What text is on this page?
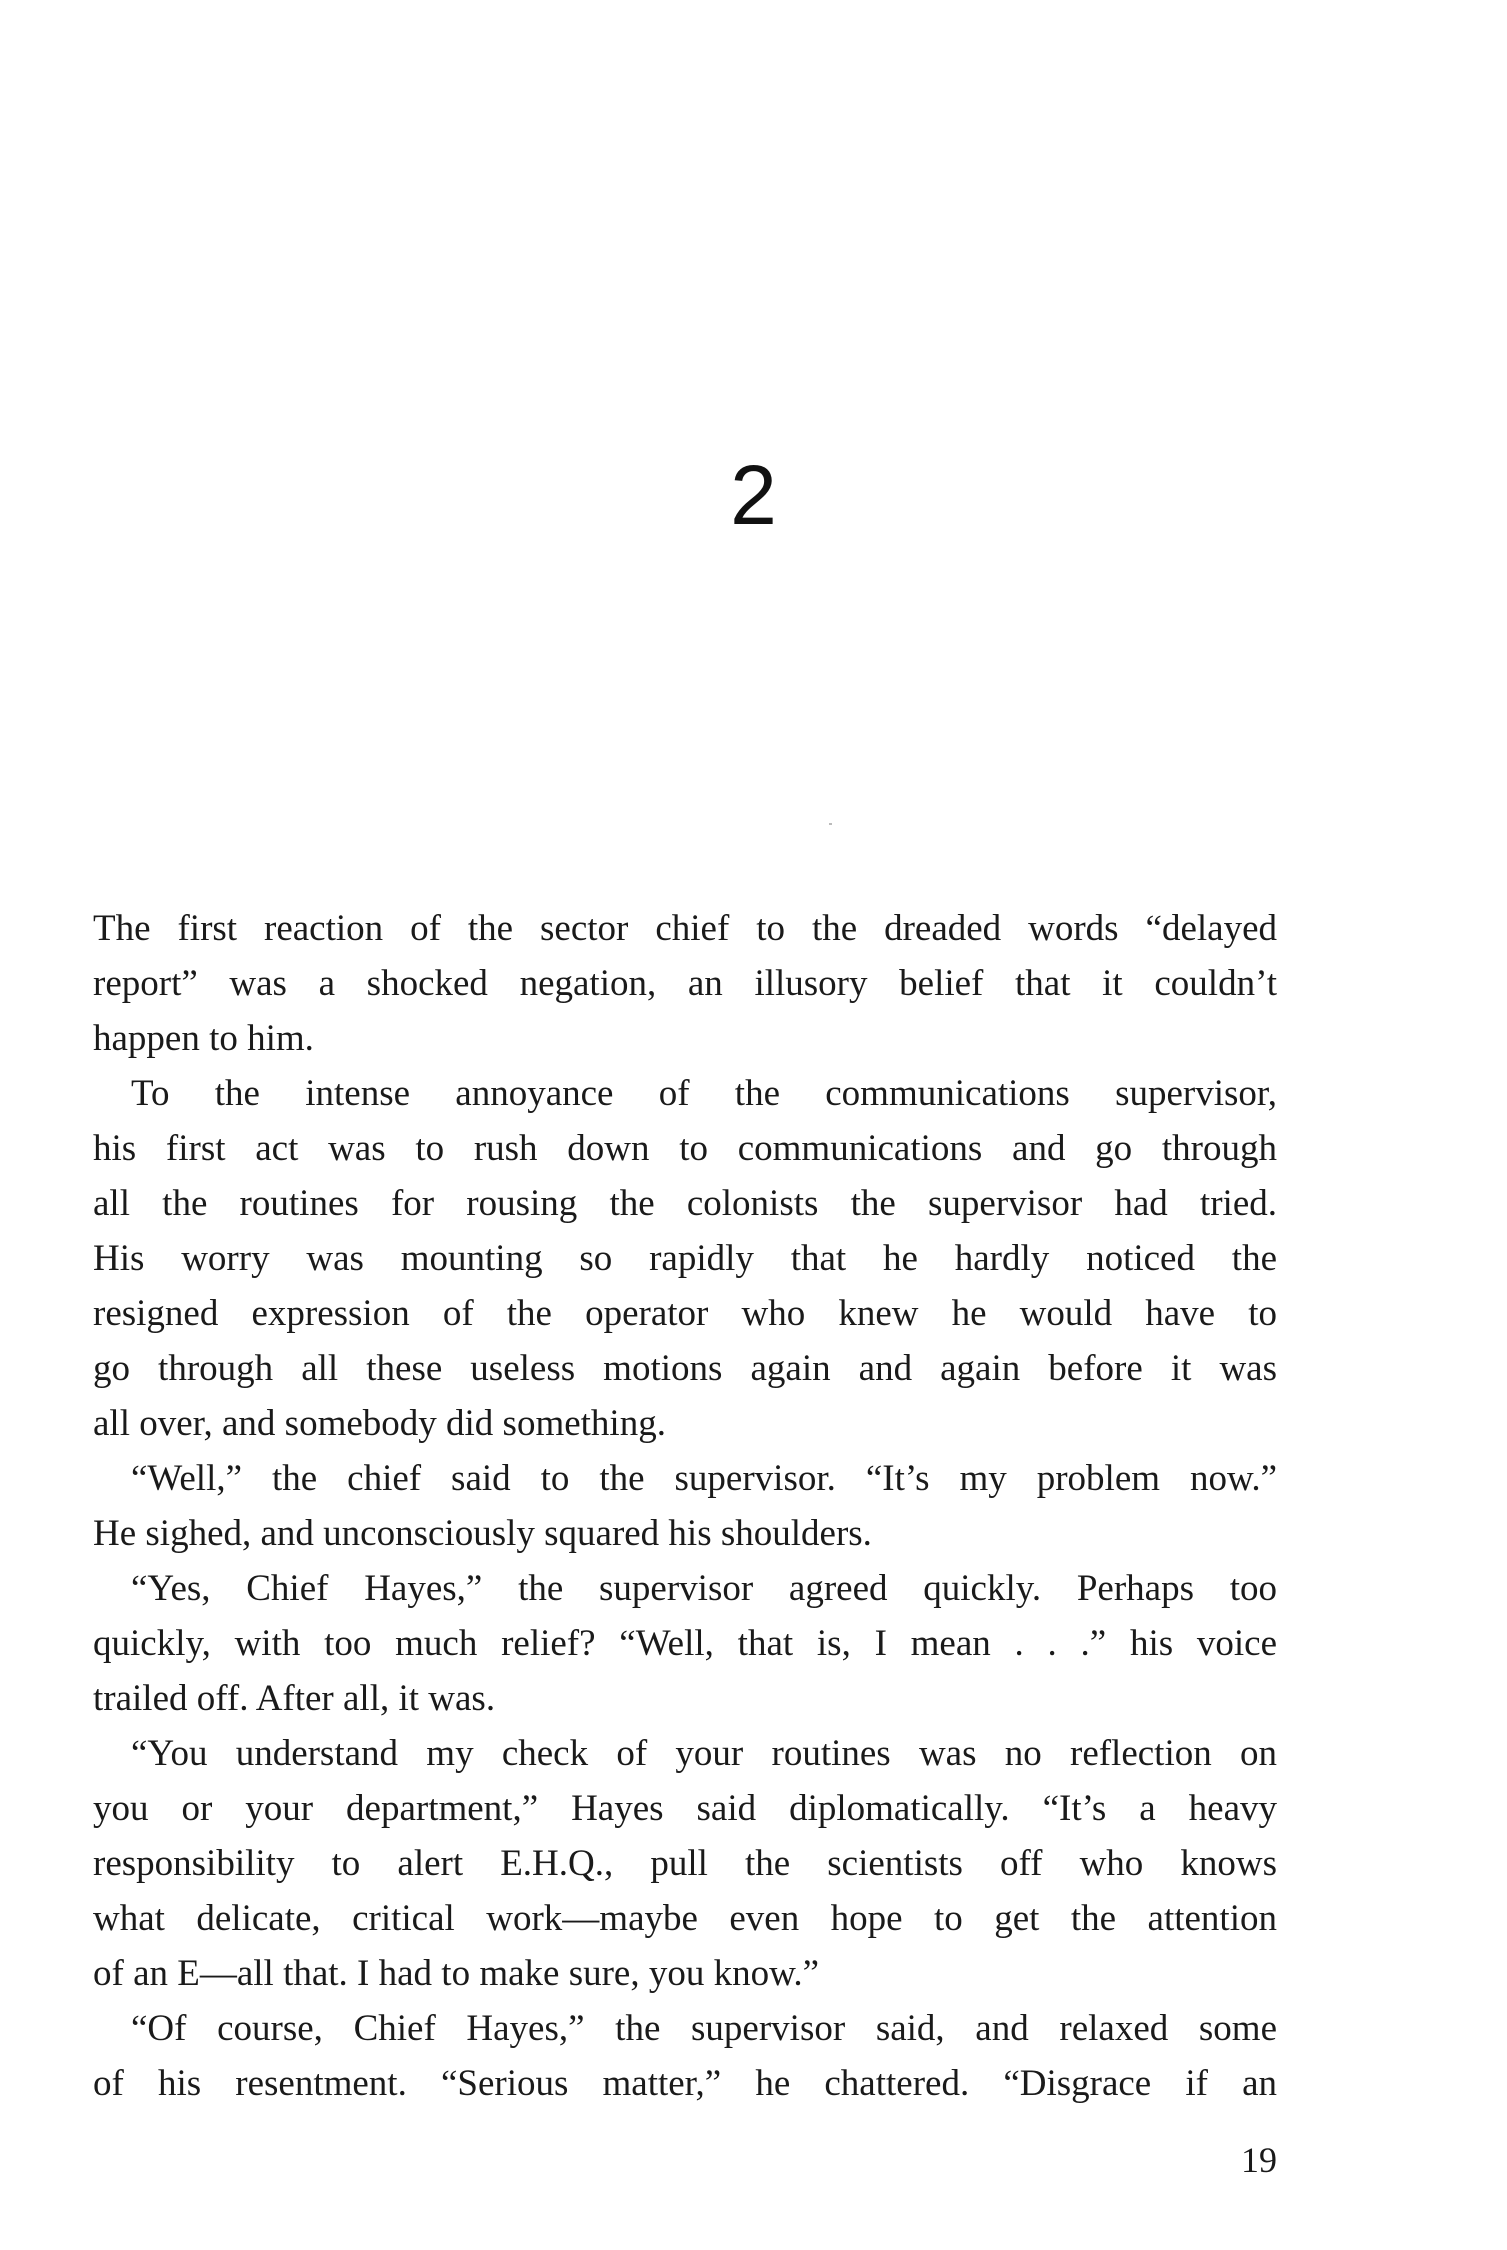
2
The first reaction of the sector chief to the dreaded words “delayed
report” was a shocked negation, an illusory belief that it couldn’t
happen to him.
To the intense annoyance of the communications supervisor,
his first act was to rush down to communications and go through
all the routines for rousing the colonists the supervisor had tried.
His worry was mounting so rapidly that he hardly noticed the
resigned expression of the operator who knew he would have to
go through all these useless motions again and again before it was
all over, and somebody did something.
“Well,” the chief said to the supervisor. “It’s my problem now.”
He sighed, and unconsciously squared his shoulders.
“Yes, Chief Hayes,” the supervisor agreed quickly. Perhaps too
quickly, with too much relief? “Well, that is, I mean . . .” his voice
trailed off. After all, it was.
“You understand my check of your routines was no reflection on
you or your department,” Hayes said diplomatically. “It’s a heavy
responsibility to alert E.H.Q., pull the scientists off who knows
what delicate, critical work—maybe even hope to get the attention
of an E—all that. I had to make sure, you know.”
“Of course, Chief Hayes,” the supervisor said, and relaxed some
of his resentment. “Serious matter,” he chattered. “Disgrace if an
19
